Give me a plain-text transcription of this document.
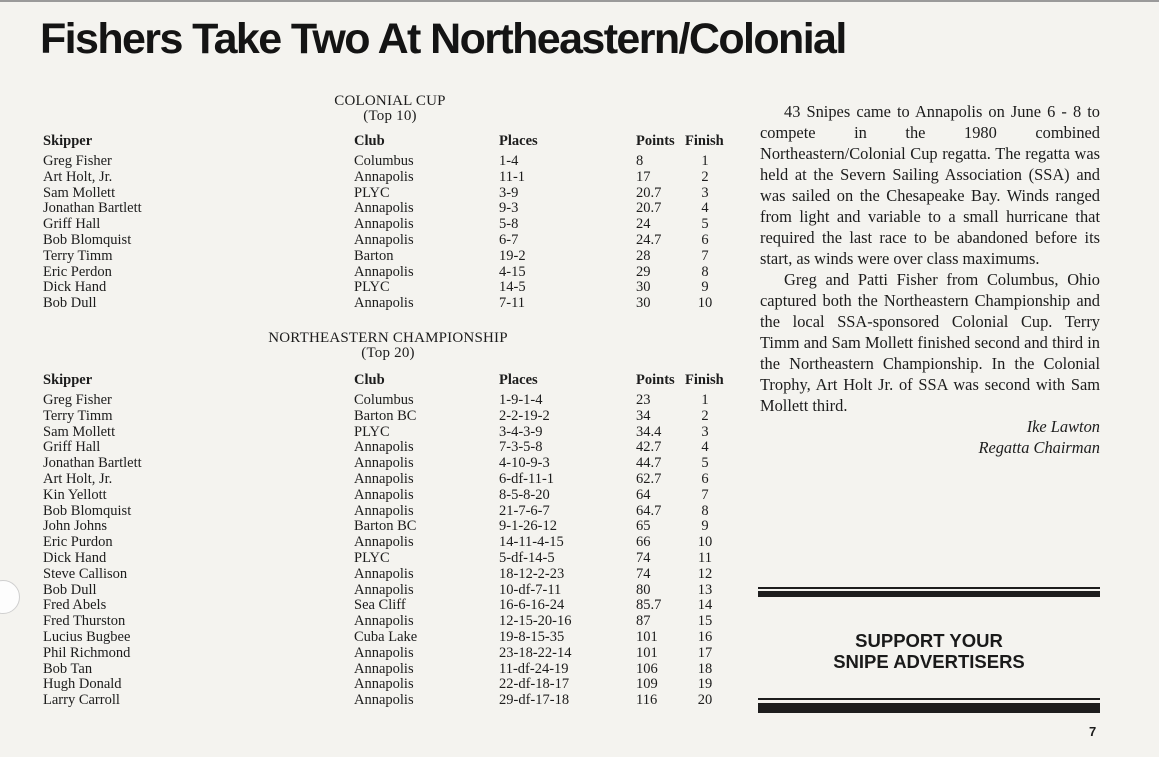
Fishers Take Two At Northeastern/Colonial
COLONIAL CUP
(Top 10)
NORTHEASTERN CHAMPIONSHIP
(Top 20)
Skipper	Club	Places	Points Finish
Greg Fisher	Columbus	1-4	8	1
Art Holt, Jr.	Annapolis	11-1	17	2
Sam Mollett	PLYC	3-9	20.7	3
Jonathan Bartlett	Annapolis	9-3	20.7	4
Griff Hall	Annapolis	5-8	24	5
Bob Blomquist	Annapolis	6-7	24.7	6
Terry Timm	Barton	19-2	28	7
Eric Perdon	Annapolis	4-15	29	8
Dick Hand	PLYC	14-5	30	9
Bob Dull	Annapolis	7-11	30	10
Skipper	Club	Places	Points Finish
Greg Fisher	Columbus	1-9-1-4	23	1
Terry Timm	Barton BC	2-2-19-2	34	2
Sam Mollett	PLYC	3-4-3-9	34.4	3
Griff Hall	Annapolis	7-3-5-8	42.7	4
Jonathan Bartlett	Annapolis	4-10-9-3	44.7	5
Art Holt, Jr.	Annapolis	6-df-11-1	62.7	6
Kin Yellott	Annapolis	8-5-8-20	64	7
Bob Blomquist	Annapolis	21-7-6-7	64.7	8
John Johns	Barton BC	9-1-26-12	65	9
Eric Purdon	Annapolis	14-11-4-15	66	10
Dick Hand	PLYC	5-df-14-5	74	11
Steve Callison	Annapolis	18-12-2-23	74	12
Bob Dull	Annapolis	10-df-7-11	80	13
Fred Abels	Sea Cliff	16-6-16-24	85.7	14
Fred Thurston	Annapolis	12-15-20-16	87	15
Lucius Bugbee	Cuba Lake	19-8-15-35	101	16
Phil Richmond	Annapolis	23-18-22-14	101	17
Bob Tan	Annapolis	11-df-24-19	106	18
Hugh Donald	Annapolis	22-df-18-17	109	19
Larry Carroll	Annapolis	29-df-17-18	116	20

43 Snipes came to Annapolis on June 6 - 8 to compete in the 1980 combined Northeastern/Colonial Cup regatta. The regatta was held at the Severn Sailing Association (SSA) and was sailed on the Chesapeake Bay. Winds ranged from light and variable to a small hurricane that required the last race to be abandoned before its start, as winds were over class maximums.

Greg and Patti Fisher from Columbus, Ohio captured both the Northeastern Championship and the local SSA-sponsored Colonial Cup. Terry Timm and Sam Mollett finished second and third in the Northeastern Championship. In the Colonial Trophy, Art Holt Jr. of SSA was second with Sam Mollett third.

Ike Lawton
Regatta Chairman
SUPPORT YOUR
SNIPE ADVERTISERS
7
